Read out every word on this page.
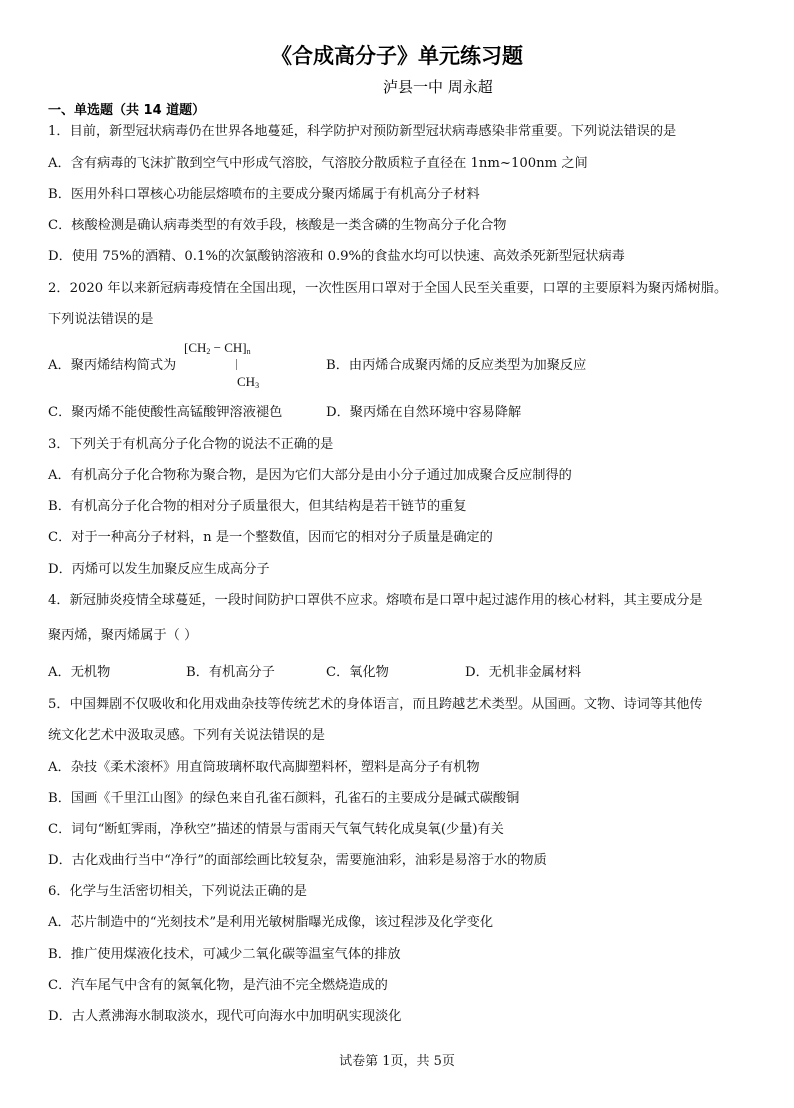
《合成高分子》单元练习题
泸县一中 周永超
一、单选题（共 14 道题）
1．目前，新型冠状病毒仍在世界各地蔓延，科学防护对预防新型冠状病毒感染非常重要。下列说法错误的是
A．含有病毒的飞沫扩散到空气中形成气溶胶，气溶胶分散质粒子直径在 1nm~100nm 之间
B．医用外科口罩核心功能层熔喷布的主要成分聚丙烯属于有机高分子材料
C．核酸检测是确认病毒类型的有效手段，核酸是一类含磷的生物高分子化合物
D．使用 75%的酒精、0.1%的次氯酸钠溶液和 0.9%的食盐水均可以快速、高效杀死新型冠状病毒
2．2020 年以来新冠病毒疫情在全国出现，一次性医用口罩对于全国人民至关重要，口罩的主要原料为聚丙烯树脂。
下列说法错误的是
A．聚丙烯结构简式为
$[CH_2 - CH]_n$
$CH_3$
B．由丙烯合成聚丙烯的反应类型为加聚反应
C．聚丙烯不能使酸性高锰酸钾溶液褪色	D．聚丙烯在自然环境中容易降解
3．下列关于有机高分子化合物的说法不正确的是
A．有机高分子化合物称为聚合物，是因为它们大部分是由小分子通过加成聚合反应制得的
B．有机高分子化合物的相对分子质量很大，但其结构是若干链节的重复
C．对于一种高分子材料，n 是一个整数值，因而它的相对分子质量是确定的
D．丙烯可以发生加聚反应生成高分子
4．新冠肺炎疫情全球蔓延，一段时间防护口罩供不应求。熔喷布是口罩中起过滤作用的核心材料，其主要成分是
聚丙烯，聚丙烯属于（ ）
A．无机物	B．有机高分子	C．氧化物	D．无机非金属材料
5．中国舞剧不仅吸收和化用戏曲杂技等传统艺术的身体语言，而且跨越艺术类型。从国画。文物、诗词等其他传
统文化艺术中汲取灵感。下列有关说法错误的是
A．杂技《柔术滚杯》用直筒玻璃杯取代高脚塑料杯，塑料是高分子有机物
B．国画《千里江山图》的绿色来自孔雀石颜料，孔雀石的主要成分是碱式碳酸铜
C．词句“断虹霁雨，净秋空”描述的情景与雷雨天气氧气转化成臭氧(少量)有关
D．古化戏曲行当中“净行”的面部绘画比较复杂，需要施油彩，油彩是易溶于水的物质
6．化学与生活密切相关，下列说法正确的是
A．芯片制造中的“光刻技术”是利用光敏树脂曝光成像，该过程涉及化学变化
B．推广使用煤液化技术，可减少二氧化碳等温室气体的排放
C．汽车尾气中含有的氮氧化物，是汽油不完全燃烧造成的
D．古人煮沸海水制取淡水，现代可向海水中加明矾实现淡化
试卷第 1页，共 5页
